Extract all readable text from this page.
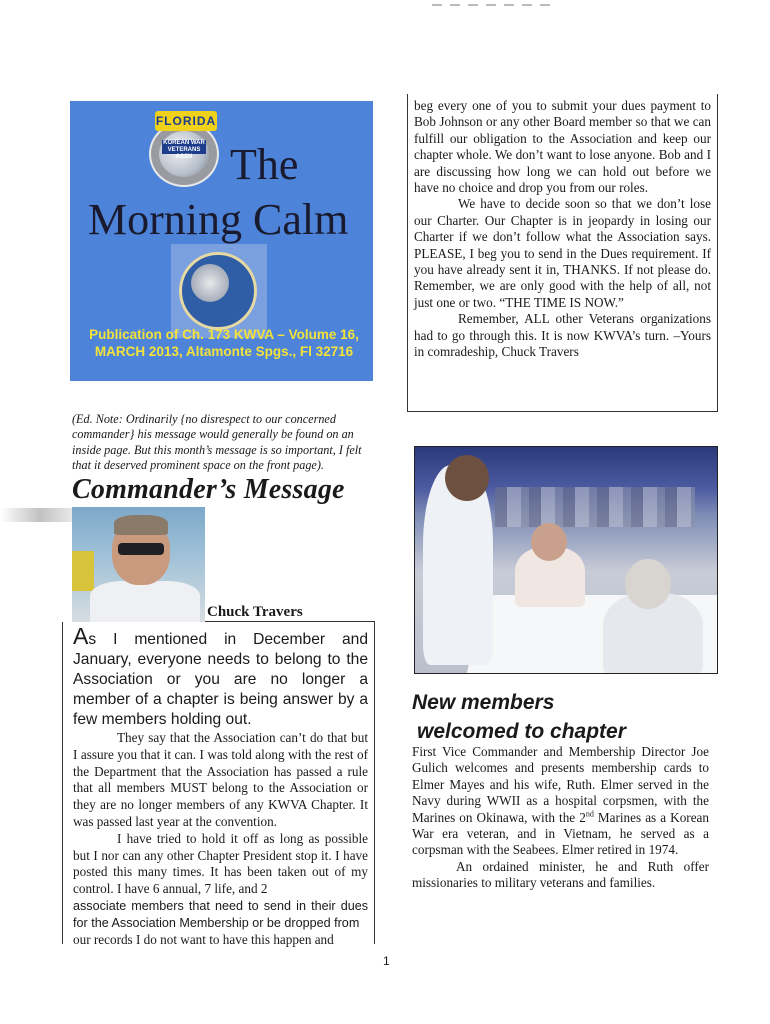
FLORIDA
KOREAN WAR VETERANS ASSN The
Morning Calm
Publication of Ch. 173 KWVA – Volume 16,
MARCH 2013, Altamonte Spgs., Fl 32716

beg every one of you to submit your dues payment to Bob Johnson or any other Board member so that we can fulfill our obligation to the Association and keep our chapter whole. We don’t want to lose anyone. Bob and I are discussing how long we can hold out before we have no choice and drop you from our roles.

We have to decide soon so that we don’t lose our Charter. Our Chapter is in jeopardy in losing our Charter if we don’t follow what the Association says. PLEASE, I beg you to send in the Dues requirement. If you have already sent it in, THANKS. If not please do. Remember, we are only good with the help of all, not just one or two. “THE TIME IS NOW.”

Remember, ALL other Veterans organizations had to go through this. It is now KWVA’s turn. –Yours in comradeship, Chuck Travers

(Ed. Note: Ordinarily {no disrespect to our concerned commander} his message would generally be found on an inside page. But this month’s message is so important, I felt that it deserved prominent space on the front page).
Commander’s Message
Chuck Travers

As I mentioned in December and January, everyone needs to belong to the Association or you are no longer a member of a chapter is being answer by a few members holding out.

They say that the Association can’t do that but I assure you that it can. I was told along with the rest of the Department that the Association has passed a rule that all members MUST belong to the Association or they are no longer members of any KWVA Chapter. It was passed last year at the convention.

I have tried to hold it off as long as possible but I nor can any other Chapter President stop it. I have posted this many times. It has been taken out of my control. I have 6 annual, 7 life, and 2

associate members that need to send in their dues for the Association Membership or be dropped from

our records I do not want to have this happen and

New members
welcomed to chapter

First Vice Commander and Membership Director Joe Gulich welcomes and presents membership cards to Elmer Mayes and his wife, Ruth. Elmer served in the Navy during WWII as a hospital corpsmen, with the Marines on Okinawa, with the 2nd Marines as a Korean War era veteran, and in Vietnam, he served as a corpsman with the Seabees. Elmer retired in 1974.

An ordained minister, he and Ruth offer missionaries to military veterans and families.

1
